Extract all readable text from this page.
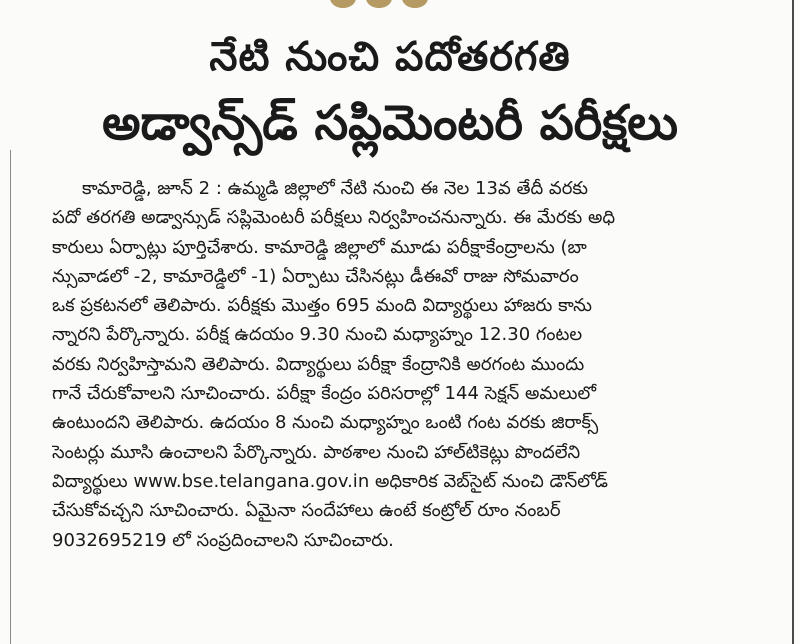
నేటి నుంచి పదోతరగతి
అడ్వాన్స్‌డ్ సప్లిమెంటరీ పరీక్షలు
కామారెడ్డి, జూన్ 2 : ఉమ్మడి జిల్లాలో నేటి నుంచి ఈ నెల 13వ తేదీ వరకు
పదో తరగతి అడ్వాన్సుడ్ సప్లిమెంటరీ పరీక్షలు నిర్వహించనున్నారు. ఈ మేరకు అధి
కారులు ఏర్పాట్లు పూర్తిచేశారు. కామారెడ్డి జిల్లాలో మూడు పరీక్షాకేంద్రాలను (బా
న్సువాడలో -2, కామారెడ్డిలో -1) ఏర్పాటు చేసినట్లు డీఈవో రాజు సోమవారం
ఒక ప్రకటనలో తెలిపారు. పరీక్షకు మొత్తం 695 మంది విద్యార్థులు హాజరు కాను
న్నారని పేర్కొన్నారు. పరీక్ష ఉదయం 9.30 నుంచి మధ్యాహ్నం 12.30 గంటల
వరకు నిర్వహిస్తామని తెలిపారు. విద్యార్థులు పరీక్షా కేంద్రానికి అరగంట ముందు
గానే చేరుకోవాలని సూచించారు. పరీక్షా కేంద్రం పరిసరాల్లో 144 సెక్షన్ అమలులో
ఉంటుందని తెలిపారు. ఉదయం 8 నుంచి మధ్యాహ్నం ఒంటి గంట వరకు జిరాక్స్
సెంటర్లు మూసి ఉంచాలని పేర్కొన్నారు. పాఠశాల నుంచి హాల్‌టికెట్లు పొందలేని
విద్యార్థులు www.bse.telangana.gov.in అధికారిక వెబ్‌సైట్ నుంచి డౌన్‌లోడ్
చేసుకోవచ్చని సూచించారు. ఏమైనా సందేహాలు ఉంటే కంట్రోల్ రూం నంబర్
9032695219 లో సంప్రదించాలని సూచించారు.
